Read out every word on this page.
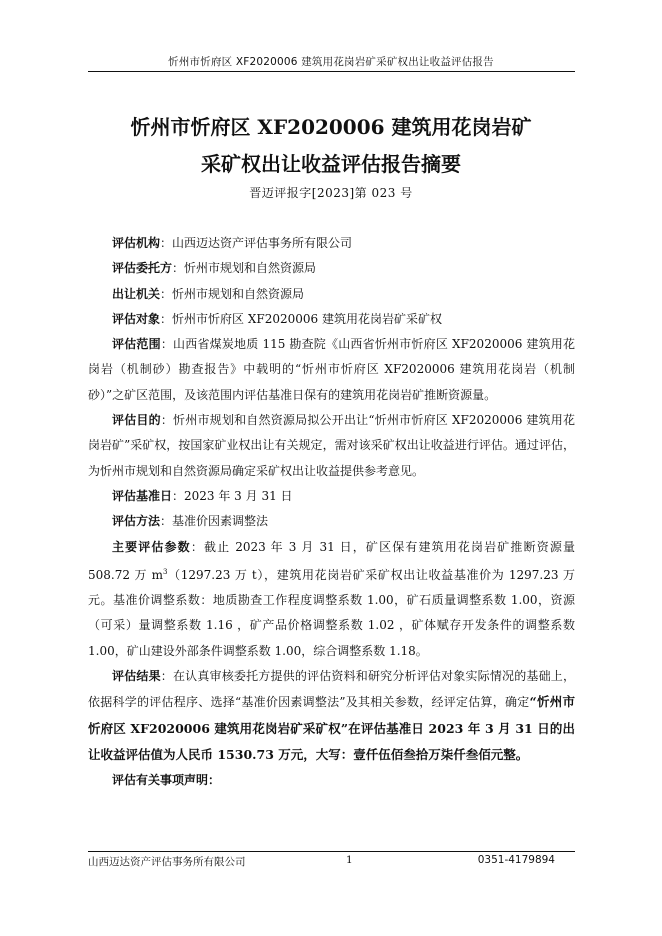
忻州市忻府区 XF2020006 建筑用花岗岩矿采矿权出让收益评估报告
忻州市忻府区 XF2020006 建筑用花岗岩矿
采矿权出让收益评估报告摘要
晋迈评报字[2023]第 023 号

评估机构：山西迈达资产评估事务所有限公司

评估委托方：忻州市规划和自然资源局

出让机关：忻州市规划和自然资源局

评估对象：忻州市忻府区 XF2020006 建筑用花岗岩矿采矿权

评估范围：山西省煤炭地质 115 勘查院《山西省忻州市忻府区 XF2020006 建筑用花岗岩（机制砂）勘查报告》中载明的“忻州市忻府区 XF2020006 建筑用花岗岩（机制砂）”之矿区范围，及该范围内评估基准日保有的建筑用花岗岩矿推断资源量。

评估目的：忻州市规划和自然资源局拟公开出让“忻州市忻府区 XF2020006 建筑用花岗岩矿”采矿权，按国家矿业权出让有关规定，需对该采矿权出让收益进行评估。通过评估，为忻州市规划和自然资源局确定采矿权出让收益提供参考意见。

评估基准日：2023 年 3 月 31 日

评估方法：基准价因素调整法

主要评估参数：截止 2023 年 3 月 31 日，矿区保有建筑用花岗岩矿推断资源量 508.72 万 $m^3(1297.23$ 万 t），建筑用花岗岩矿采矿权出让收益基准价为 1297.23 万元。基准价调整系数：地质勘查工作程度调整系数 1.00，矿石质量调整系数 1.00，资源（可采）量调整系数 1.16 ，矿产品价格调整系数 1.02 ，矿体赋存开发条件的调整系数 1.00，矿山建设外部条件调整系数 1.00，综合调整系数 1.18。

评估结果：在认真审核委托方提供的评估资料和研究分析评估对象实际情况的基础上，依据科学的评估程序、选择“基准价因素调整法”及其相关参数，经评定估算，确定“忻州市忻府区 XF2020006 建筑用花岗岩矿采矿权”在评估基准日 2023 年 3 月 31 日的出让收益评估值为人民币 1530.73 万元，大写：壹仟伍佰叁拾万柒仟叁佰元整。

评估有关事项声明：

山西迈达资产评估事务所有限公司	1	0351-4179894
